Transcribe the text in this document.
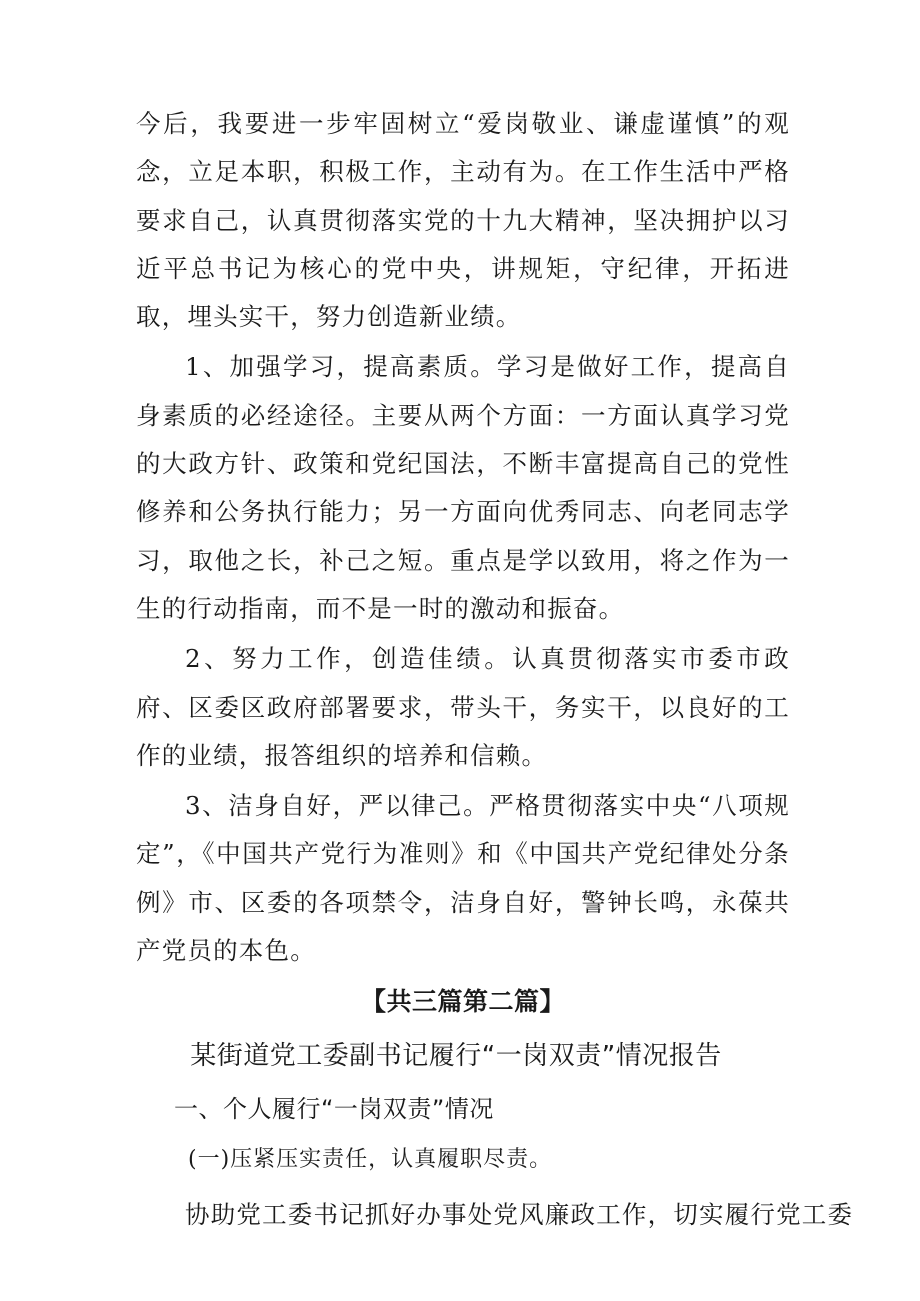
今后，我要进一步牢固树立“爱岗敬业、谦虚谨慎”的观念，立足本职，积极工作，主动有为。在工作生活中严格要求自己，认真贯彻落实党的十九大精神，坚决拥护以习近平总书记为核心的党中央，讲规矩，守纪律，开拓进取，埋头实干，努力创造新业绩。

1、加强学习，提高素质。学习是做好工作，提高自身素质的必经途径。主要从两个方面：一方面认真学习党的大政方针、政策和党纪国法，不断丰富提高自己的党性修养和公务执行能力；另一方面向优秀同志、向老同志学习，取他之长，补己之短。重点是学以致用，将之作为一生的行动指南，而不是一时的激动和振奋。

2、努力工作，创造佳绩。认真贯彻落实市委市政府、区委区政府部署要求，带头干，务实干，以良好的工作的业绩，报答组织的培养和信赖。

3、洁身自好，严以律己。严格贯彻落实中央“八项规定”，《中国共产党行为准则》和《中国共产党纪律处分条例》市、区委的各项禁令，洁身自好，警钟长鸣，永葆共产党员的本色。

【共三篇第二篇】

某街道党工委副书记履行“一岗双责”情况报告

一、个人履行“一岗双责”情况

(一)压紧压实责任，认真履职尽责。

协助党工委书记抓好办事处党风廉政工作，切实履行党工委
